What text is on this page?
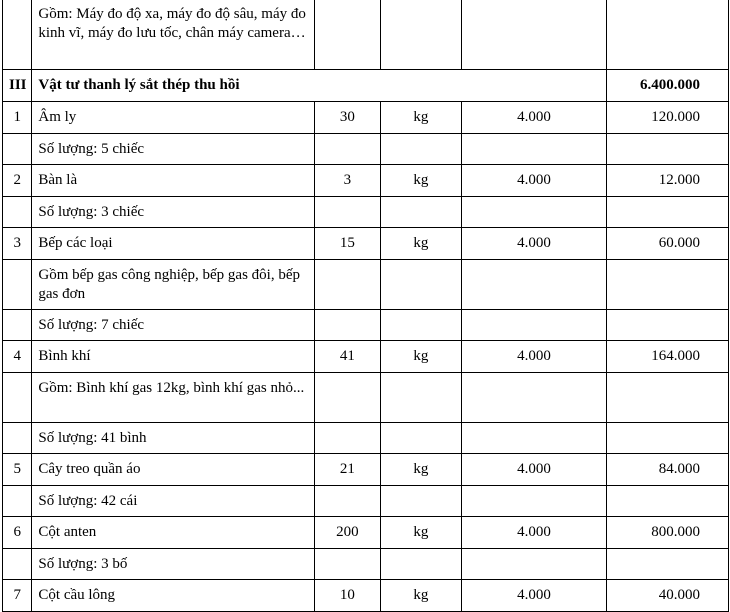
	Gồm: Máy đo độ xa, máy đo độ sâu, máy đo kinh vĩ, máy đo lưu tốc, chân máy camera…				
III	Vật tư thanh lý sắt thép thu hồi				6.400.000
1	Âm ly	30	kg	4.000	120.000
	Số lượng: 5 chiếc				
2	Bàn là	3	kg	4.000	12.000
	Số lượng: 3 chiếc				
3	Bếp các loại	15	kg	4.000	60.000
	Gồm bếp gas công nghiệp, bếp gas đôi, bếp gas đơn				
	Số lượng: 7 chiếc				
4	Bình khí	41	kg	4.000	164.000
	Gồm: Bình khí gas 12kg, bình khí gas nhỏ...				
	Số lượng: 41 bình				
5	Cây treo quần áo	21	kg	4.000	84.000
	Số lượng: 42 cái				
6	Cột anten	200	kg	4.000	800.000
	Số lượng: 3 bố				
7	Cột cầu lông	10	kg	4.000	40.000
